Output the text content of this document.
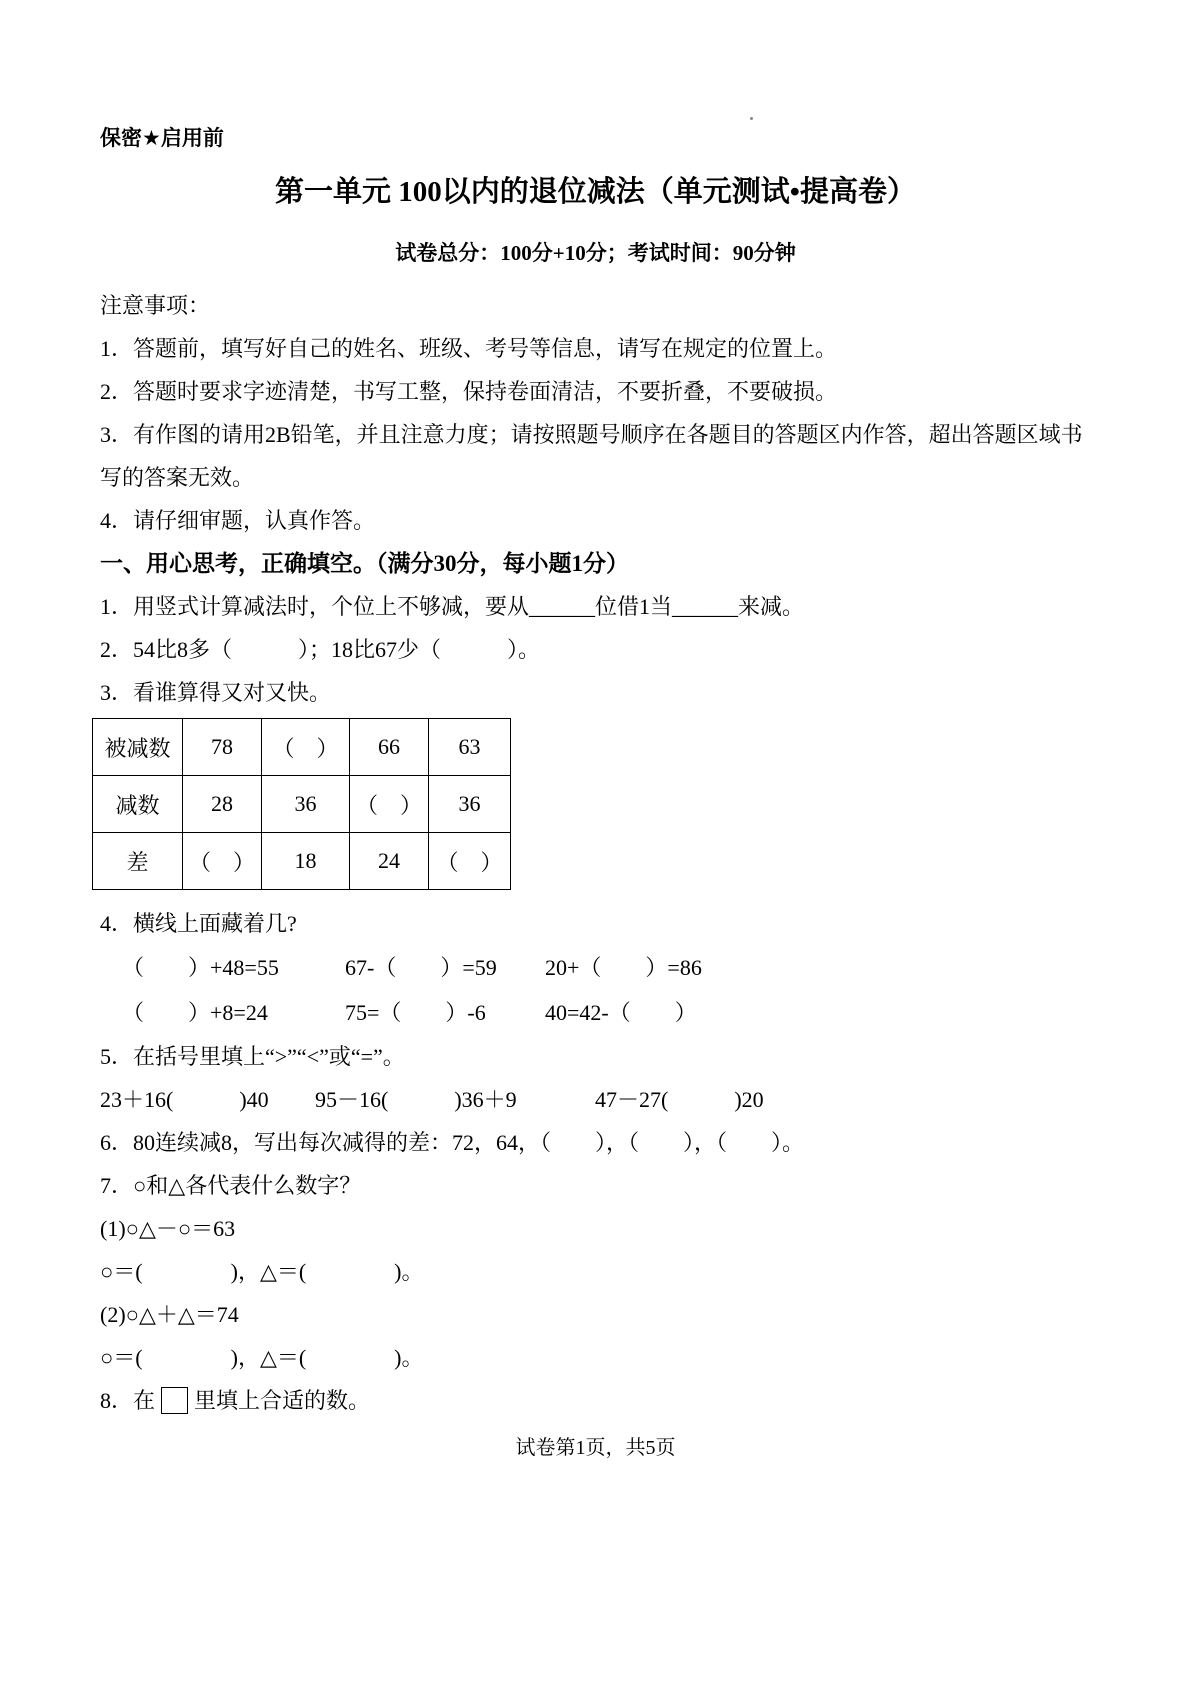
保密★启用前
第一单元 100以内的退位减法（单元测试•提高卷）
试卷总分：100分+10分；考试时间：90分钟

注意事项：

1．答题前，填写好自己的姓名、班级、考号等信息，请写在规定的位置上。

2．答题时要求字迹清楚，书写工整，保持卷面清洁，不要折叠，不要破损。

3．有作图的请用2B铅笔，并且注意力度；请按照题号顺序在各题目的答题区内作答，超出答题区域书写的答案无效。

4．请仔细审题，认真作答。

一、用心思考，正确填空。（满分30分，每小题1分）

1．用竖式计算减法时，个位上不够减，要从______位借1当______来减。

2．54比8多（　　　）；18比67少（　　　）。

3．看谁算得又对又快。

被减数	78	（　）	66	63
减数	28	36	（　）	36
差	（　）	18	24	（　）

4．横线上面藏着几?

（　　）+48=55	67-（　　）=59	20+（　　）=86
（　　）+8=24	75=（　　）-6	40=42-（　　）

5．在括号里填上“>”“<”或“=”。

23＋16(　　　)40	95－16(　　　)36＋9	47－27(　　　)20

6．80连续减8，写出每次减得的差：72，64，（　　），（　　），（　　）。

7．○和△各代表什么数字？

(1)○△－○＝63

○＝(　　　　)，△＝(　　　　)。

(2)○△＋△＝74

○＝(　　　　)，△＝(　　　　)。

8．在 里填上合适的数。
试卷第1页，共5页
